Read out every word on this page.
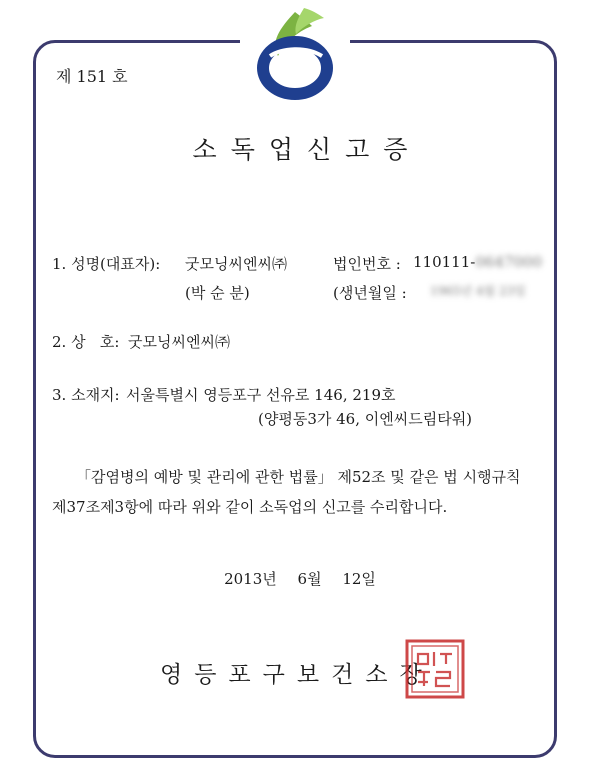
제 151 호
소독업신고증
1. 성명(대표자): 굿모닝씨엔씨㈜	법인번호 : 110111-0647000
(박 순 분)	(생년월일 : 1965년 4월 23일
2. 상   호: 굿모닝씨엔씨㈜
3. 소재지: 서울특별시 영등포구 선유로 146, 219호
(양평동3가 46, 이엔씨드림타워)
「감염병의 예방 및 관리에 관한 법률」 제52조 및 같은 법 시행규칙
제37조제3항에 따라 위와 같이 소독업의 신고를 수리합니다.
2013년 6월 12일
영등포구보건소장
